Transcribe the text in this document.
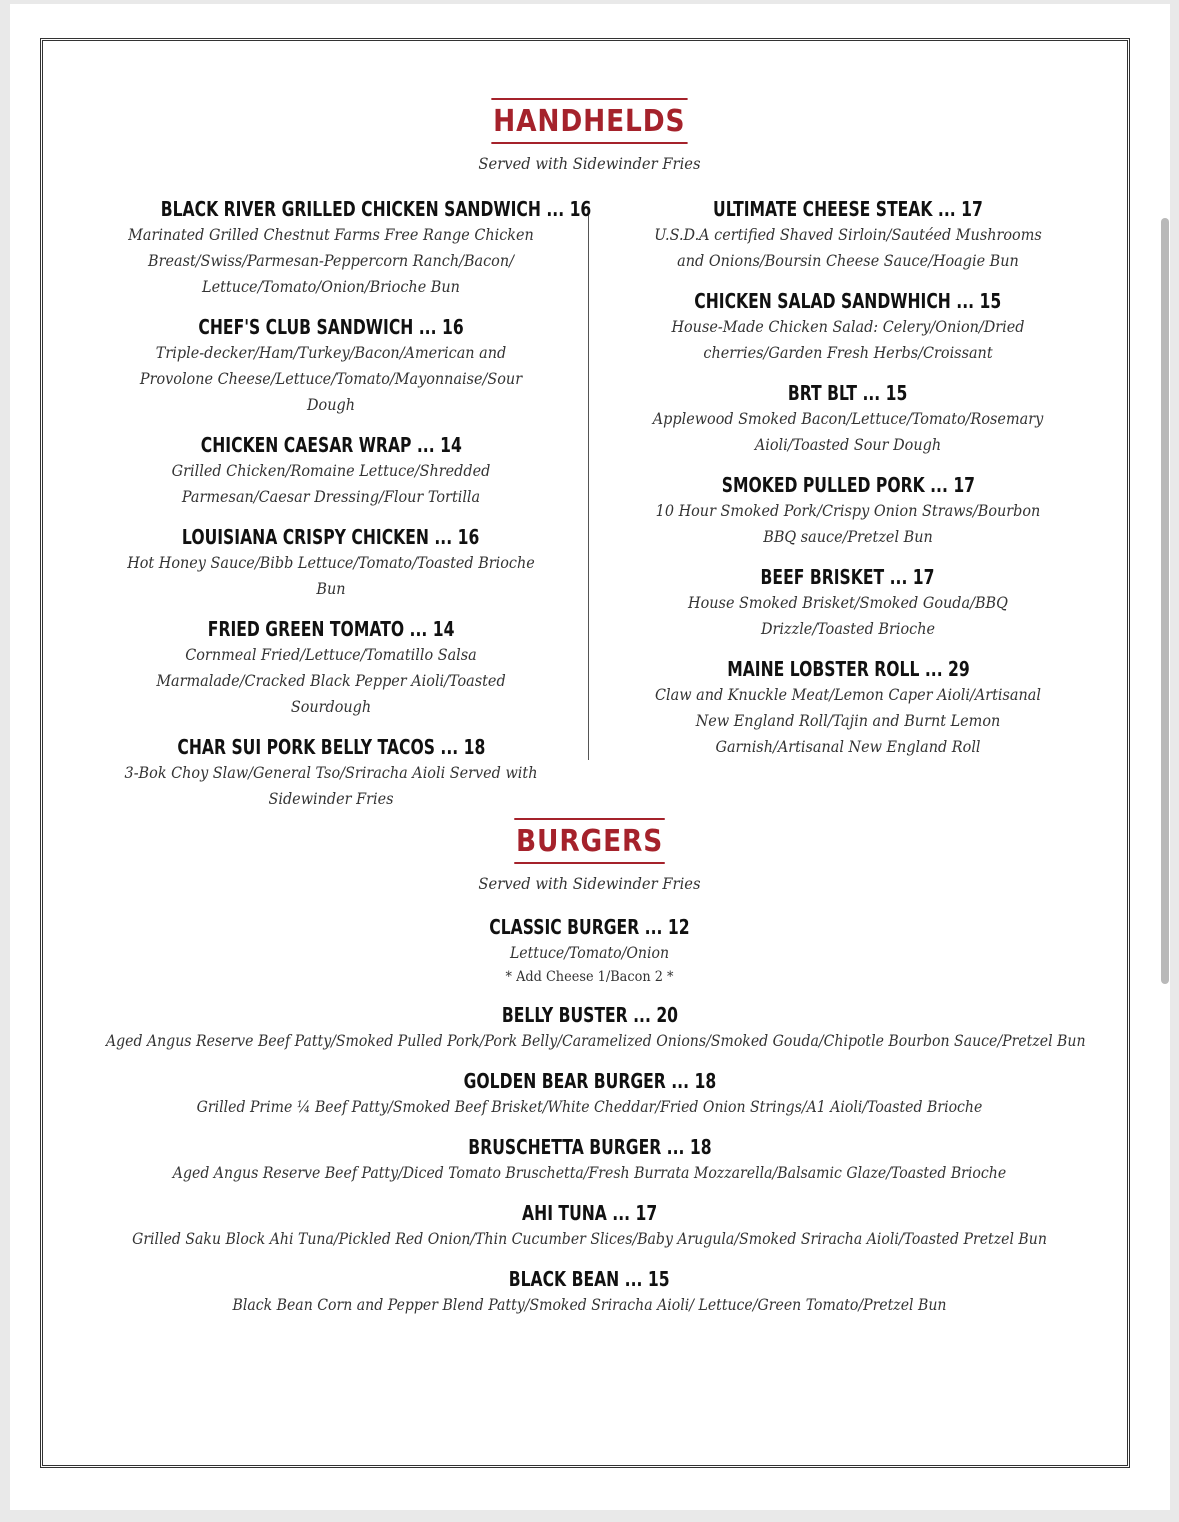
HANDHELDS
Served with Sidewinder Fries
BLACK RIVER GRILLED CHICKEN SANDWICH ... 16
Marinated Grilled Chestnut Farms Free Range Chicken Breast/Swiss/Parmesan-Peppercorn Ranch/Bacon/ Lettuce/Tomato/Onion/Brioche Bun
CHEF'S CLUB SANDWICH ... 16
Triple-decker/Ham/Turkey/Bacon/American and Provolone Cheese/Lettuce/Tomato/Mayonnaise/Sour Dough
CHICKEN CAESAR WRAP ... 14
Grilled Chicken/Romaine Lettuce/Shredded Parmesan/Caesar Dressing/Flour Tortilla
LOUISIANA CRISPY CHICKEN ... 16
Hot Honey Sauce/Bibb Lettuce/Tomato/Toasted Brioche Bun
FRIED GREEN TOMATO ... 14
Cornmeal Fried/Lettuce/Tomatillo Salsa Marmalade/Cracked Black Pepper Aioli/Toasted Sourdough
CHAR SUI PORK BELLY TACOS ... 18
3-Bok Choy Slaw/General Tso/Sriracha Aioli Served with Sidewinder Fries
ULTIMATE CHEESE STEAK ... 17
U.S.D.A certified Shaved Sirloin/Sautéed Mushrooms and Onions/Boursin Cheese Sauce/Hoagie Bun
CHICKEN SALAD SANDWHICH ... 15
House-Made Chicken Salad: Celery/Onion/Dried cherries/Garden Fresh Herbs/Croissant
BRT BLT ... 15
Applewood Smoked Bacon/Lettuce/Tomato/Rosemary Aioli/Toasted Sour Dough
SMOKED PULLED PORK ... 17
10 Hour Smoked Pork/Crispy Onion Straws/Bourbon BBQ sauce/Pretzel Bun
BEEF BRISKET ... 17
House Smoked Brisket/Smoked Gouda/BBQ Drizzle/Toasted Brioche
MAINE LOBSTER ROLL ... 29
Claw and Knuckle Meat/Lemon Caper Aioli/Artisanal New England Roll/Tajin and Burnt Lemon Garnish/Artisanal New England Roll
BURGERS
Served with Sidewinder Fries
CLASSIC BURGER ... 12
Lettuce/Tomato/Onion
* Add Cheese 1/Bacon 2 *
BELLY BUSTER ... 20
Aged Angus Reserve Beef Patty/Smoked Pulled Pork/Pork Belly/Caramelized Onions/Smoked Gouda/Chipotle Bourbon Sauce/Pretzel Bun
GOLDEN BEAR BURGER ... 18
Grilled Prime ¼ Beef Patty/Smoked Beef Brisket/White Cheddar/Fried Onion Strings/A1 Aioli/Toasted Brioche
BRUSCHETTA BURGER ... 18
Aged Angus Reserve Beef Patty/Diced Tomato Bruschetta/Fresh Burrata Mozzarella/Balsamic Glaze/Toasted Brioche
AHI TUNA ... 17
Grilled Saku Block Ahi Tuna/Pickled Red Onion/Thin Cucumber Slices/Baby Arugula/Smoked Sriracha Aioli/Toasted Pretzel Bun
BLACK BEAN ... 15
Black Bean Corn and Pepper Blend Patty/Smoked Sriracha Aioli/ Lettuce/Green Tomato/Pretzel Bun
